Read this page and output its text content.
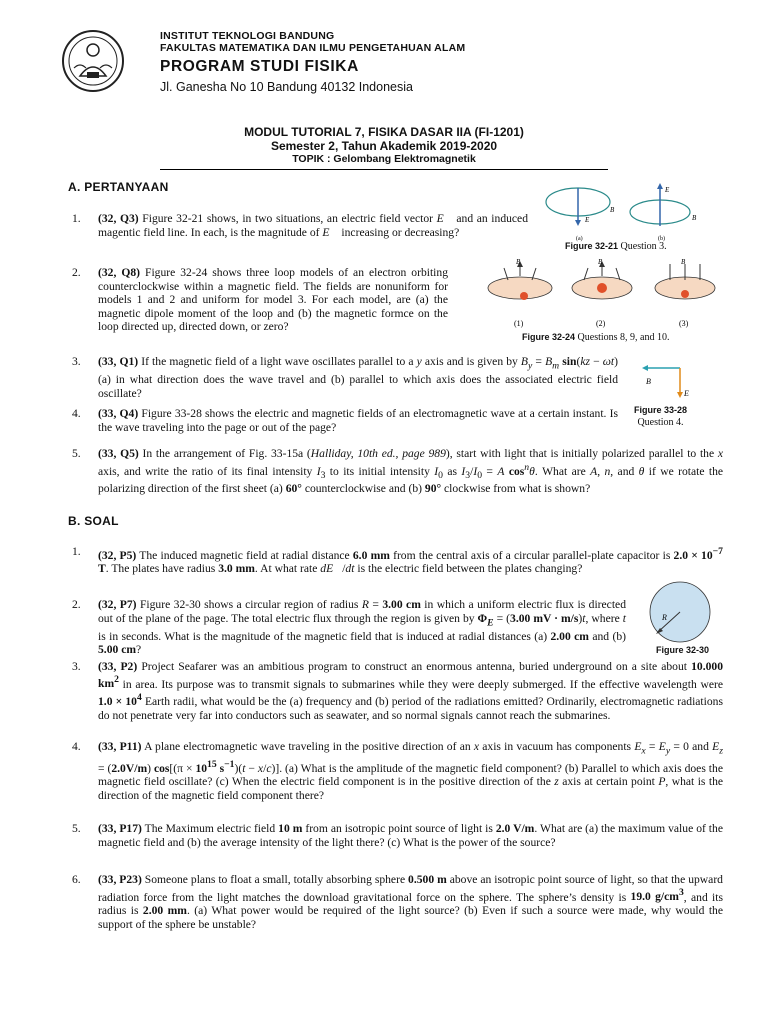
INSTITUT TEKNOLOGI BANDUNG
FAKULTAS MATEMATIKA DAN ILMU PENGETAHUAN ALAM
PROGRAM STUDI FISIKA
Jl. Ganesha No 10 Bandung 40132 Indonesia
MODUL TUTORIAL 7, FISIKA DASAR IIA (FI-1201)
Semester 2, Tahun Akademik 2019-2020
TOPIK : Gelombang Elektromagnetik
A. PERTANYAAN
1. (32, Q3) Figure 32-21 shows, in two situations, an electric field vector E⃗ and an induced magentic field line. In each, is the magnitude of E⃗ increasing or decreasing?
2. (32, Q8) Figure 32-24 shows three loop models of an electron orbiting counterclockwise within a magnetic field. The fields are nonuniform for models 1 and 2 and uniform for model 3. For each model, are (a) the magnetic dipole moment of the loop and (b) the magnetic formce on the loop directed up, directed down, or zero?
3. (33, Q1) If the magnetic field of a light wave oscillates parallel to a y axis and is given by $B_y = B_m$ sin(kz − ωt) (a) in what direction does the wave travel and (b) parallel to which axis does the associated electric field oscillate?
4. (33, Q4) Figure 33-28 shows the electric and magnetic fields of an electromagnetic wave at a certain instant. Is the wave traveling into the page or out of the page?
5. (33, Q5) In the arrangement of Fig. 33-15a (Halliday, 10th ed., page 989), start with light that is initially polarized parallel to the x axis, and write the ratio of its final intensity $I_3$ to its initial intensity $I_0$ as $I_3/I_0 = A$ $\cos^n\theta$. What are A, n, and θ if we rotate the polarizing direction of the first sheet (a) 60° counterclockwise and (b) 90° clockwise from what is shown?
B. SOAL
1. (32, P5) The induced magnetic field at radial distance 6.0 mm from the central axis of a circular parallel-plate capacitor is $2.0 \times 10^{-7}$ T. The plates have radius 3.0 mm. At what rate dE⃗/dt is the electric field between the plates changing?
2. (32, P7) Figure 32-30 shows a circular region of radius R = 3.00 cm in which a uniform electric flux is directed out of the plane of the page. The total electric flux through the region is given by $\Phi_E = (3.00$ mV · m/s)t, where t is in seconds. What is the magnitude of the magnetic field that is induced at radial distances (a) 2.00 cm and (b) 5.00 cm?
3. (33, P2) Project Seafarer was an ambitious program to construct an enormous antenna, buried underground on a site about 10.000 $km^2$ in area. Its purpose was to transmit signals to submarines while they were deeply submerged. If the effective wavelength were $1.0 \times 10^4$ Earth radii, what would be the (a) frequency and (b) period of the radiations emitted? Ordinarily, electromagnetic radiations do not penetrate very far into conductors such as seawater, and so normal signals cannot reach the submarines.
4. (33, P11) A plane electromagnetic wave traveling in the positive direction of an x axis in vacuum has components $E_x = E_y = 0$ and $E_z = (2.0V/m) \cos[(\pi \times 10^{15}$ $s^{-1})(t - x/c)$]. (a) What is the amplitude of the magnetic field component? (b) Parallel to which axis does the magnetic field oscillate? (c) When the electric field component is in the positive direction of the z axis at certain point P, what is the direction of the magnetic field component there?
5. (33, P17) The Maximum electric field 10 m from an isotropic point source of light is 2.0 V/m. What are (a) the maximum value of the magnetic field and (b) the average intensity of the light there? (c) What is the power of the source?
6. (33, P23) Someone plans to float a small, totally absorbing sphere 0.500 m above an isotropic point source of light, so that the upward radiation force from the light matches the download gravitational force on the sphere. The sphere’s density is 19.0 $g/cm^3$, and its radius is 2.00 mm. (a) What power would be required of the light source? (b) Even if such a source were made, why would the support of the sphere be unstable?
E
B
(a)
E
B
(b)
Figure 32-21 Question 3.
B
(1)
B
(2)
B
(3)
Figure 32-24 Questions 8, 9, and 10.
B
E
Figure 33-28
Question 4.
R
Figure 32-30
